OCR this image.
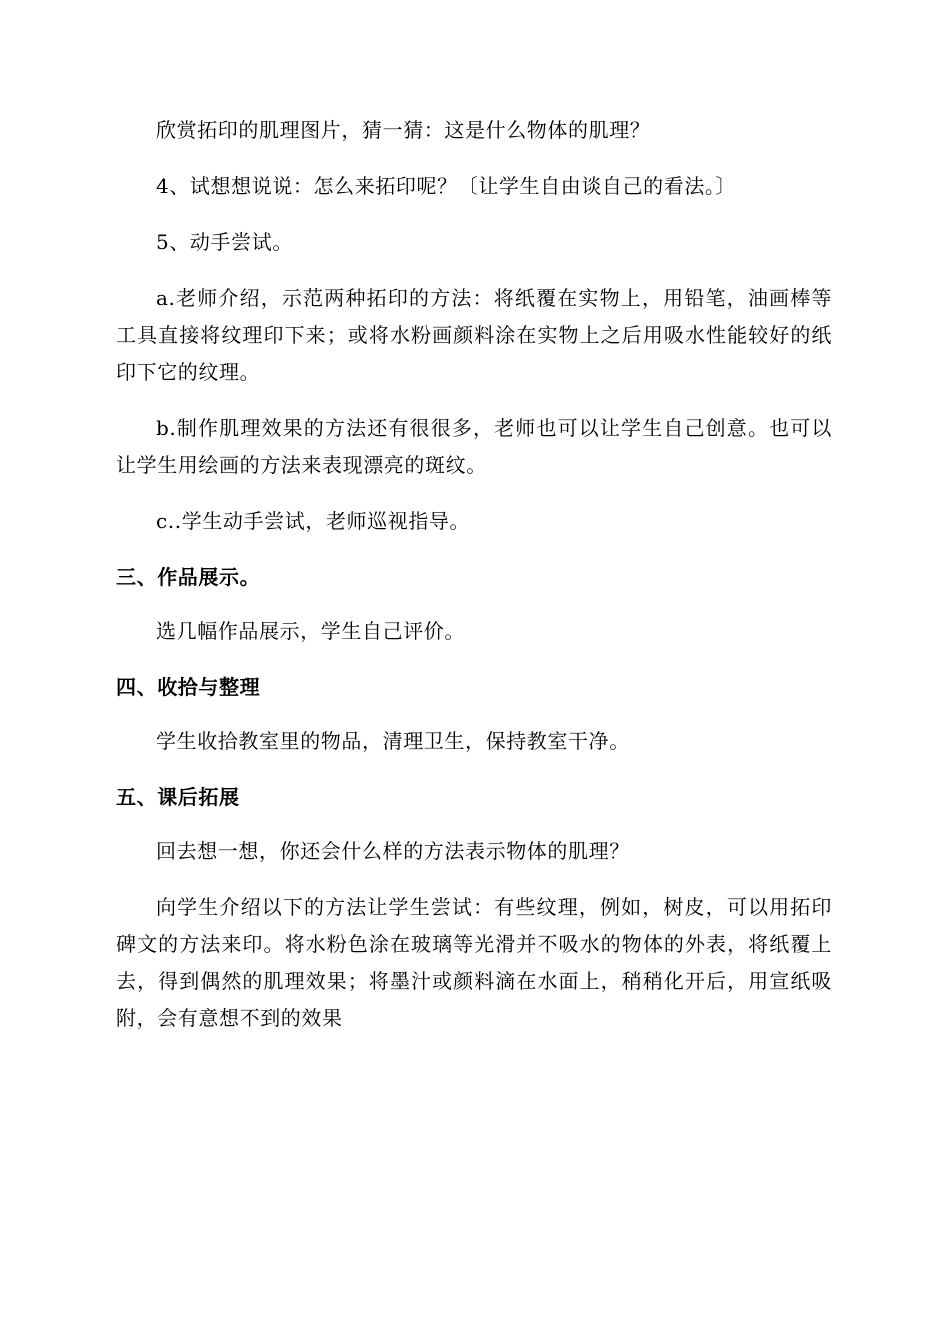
欣赏拓印的肌理图片，猜一猜：这是什么物体的肌理？

4、试想想说说：怎么来拓印呢？〔让学生自由谈自己的看法。〕

5、动手尝试。

a.老师介绍，示范两种拓印的方法：将纸覆在实物上，用铅笔，油画棒等工具直接将纹理印下来；或将水粉画颜料涂在实物上之后用吸水性能较好的纸印下它的纹理。

b.制作肌理效果的方法还有很很多，老师也可以让学生自己创意。也可以让学生用绘画的方法来表现漂亮的斑纹。

c..学生动手尝试，老师巡视指导。

三、作品展示。

选几幅作品展示，学生自己评价。

四、收拾与整理

学生收拾教室里的物品，清理卫生，保持教室干净。

五、课后拓展

回去想一想，你还会什么样的方法表示物体的肌理？

向学生介绍以下的方法让学生尝试：有些纹理，例如，树皮，可以用拓印碑文的方法来印。将水粉色涂在玻璃等光滑并不吸水的物体的外表，将纸覆上去，得到偶然的肌理效果；将墨汁或颜料滴在水面上，稍稍化开后，用宣纸吸附，会有意想不到的效果
